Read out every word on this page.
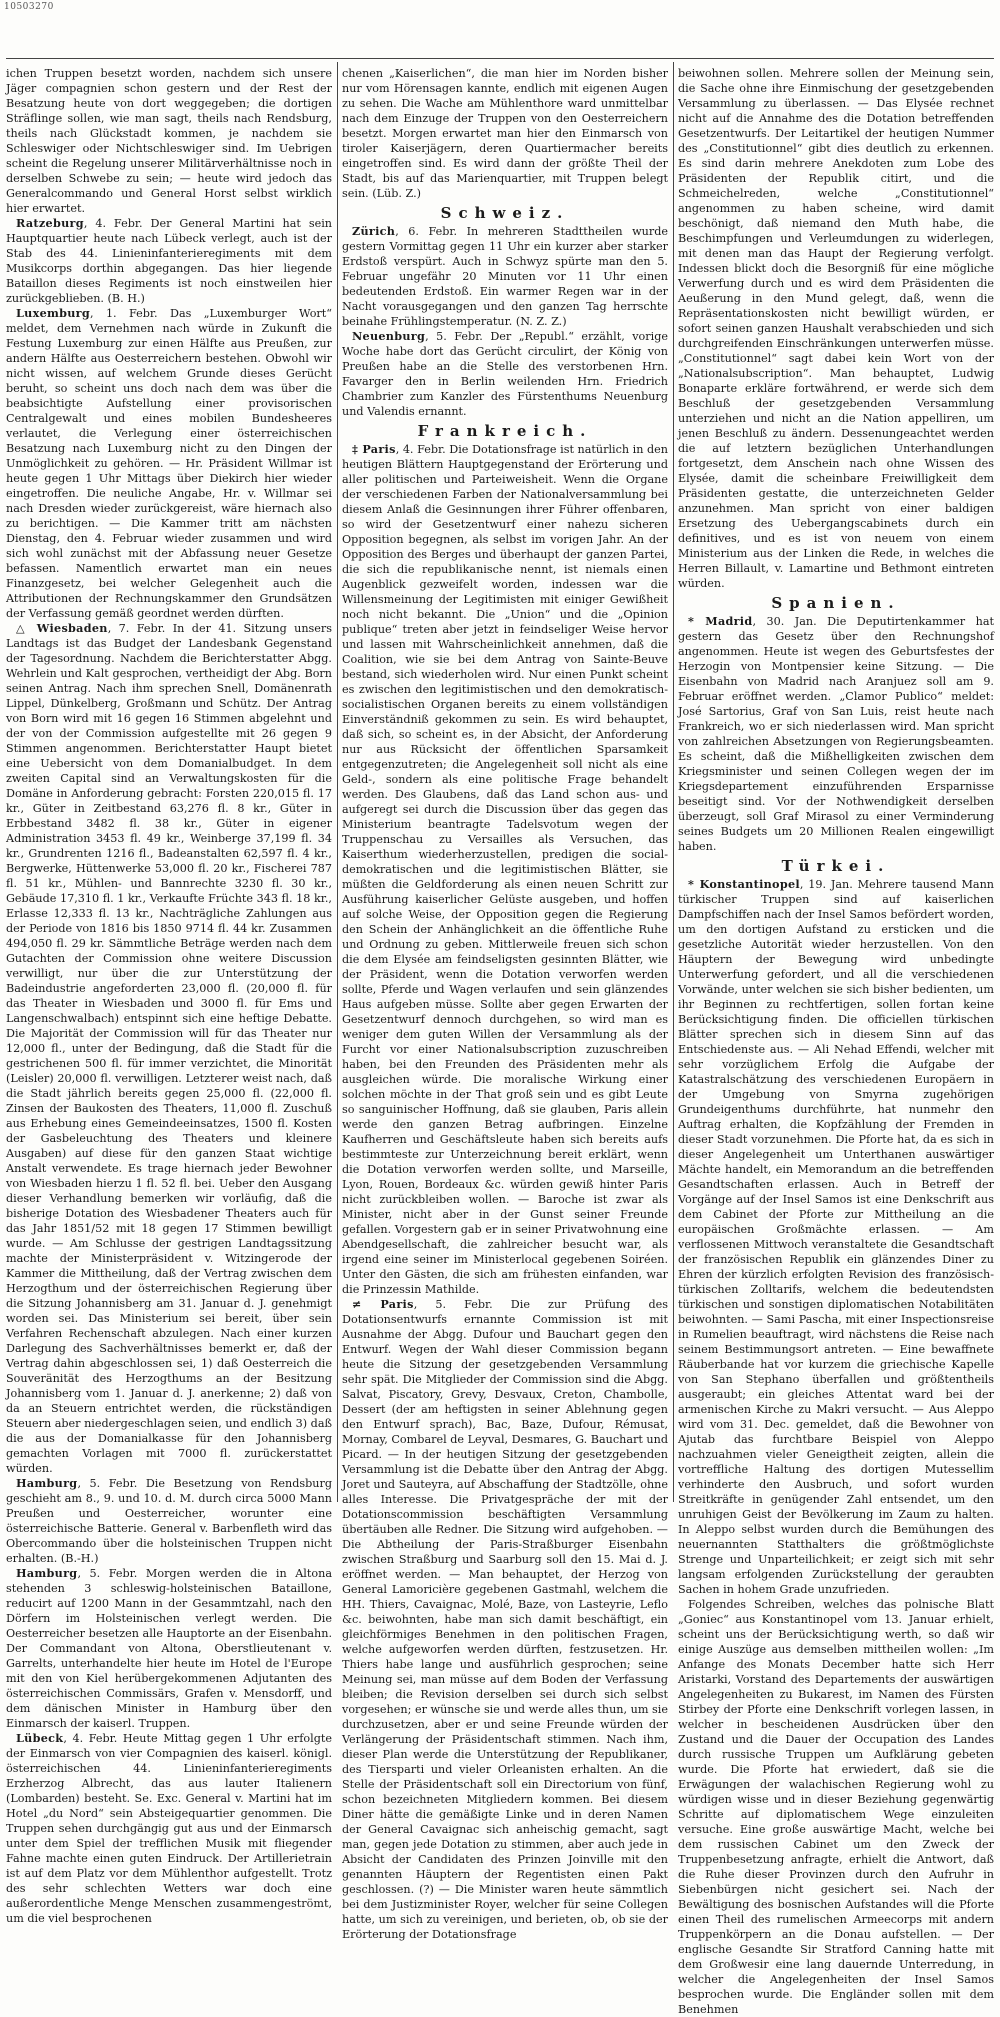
10503270

ichen Truppen besetzt worden, nachdem sich unsere Jäger compagnien schon gestern und der Rest der Besatzung heute von dort weggegeben; die dortigen Sträflinge sollen, wie man sagt, theils nach Rendsburg, theils nach Glückstadt kommen, je nachdem sie Schleswiger oder Nichtschleswiger sind. Im Uebrigen scheint die Regelung unserer Militärverhältnisse noch in derselben Schwebe zu sein; — heute wird jedoch das Generalcommando und General Horst selbst wirklich hier erwartet.

Ratzeburg, 4. Febr. Der General Martini hat sein Hauptquartier heute nach Lübeck verlegt, auch ist der Stab des 44. Linieninfanterieregiments mit dem Musikcorps dorthin abgegangen. Das hier liegende Bataillon dieses Regiments ist noch einstweilen hier zurückgeblieben. (B. H.)

Luxemburg, 1. Febr. Das „Luxemburger Wort“ meldet, dem Vernehmen nach würde in Zukunft die Festung Luxemburg zur einen Hälfte aus Preußen, zur andern Hälfte aus Oesterreichern bestehen. Obwohl wir nicht wissen, auf welchem Grunde dieses Gerücht beruht, so scheint uns doch nach dem was über die beabsichtigte Aufstellung einer provisorischen Centralgewalt und eines mobilen Bundesheeres verlautet, die Verlegung einer österreichischen Besatzung nach Luxemburg nicht zu den Dingen der Unmöglichkeit zu gehören. — Hr. Präsident Willmar ist heute gegen 1 Uhr Mittags über Diekirch hier wieder eingetroffen. Die neuliche Angabe, Hr. v. Willmar sei nach Dresden wieder zurückgereist, wäre hiernach also zu berichtigen. — Die Kammer tritt am nächsten Dienstag, den 4. Februar wieder zusammen und wird sich wohl zunächst mit der Abfassung neuer Gesetze befassen. Namentlich erwartet man ein neues Finanzgesetz, bei welcher Gelegenheit auch die Attributionen der Rechnungskammer den Grundsätzen der Verfassung gemäß geordnet werden dürften.

△ Wiesbaden, 7. Febr. In der 41. Sitzung unsers Landtags ist das Budget der Landesbank Gegenstand der Tagesordnung. Nachdem die Berichterstatter Abgg. Wehrlein und Kalt gesprochen, vertheidigt der Abg. Born seinen Antrag. Nach ihm sprechen Snell, Domänenrath Lippel, Dünkelberg, Großmann und Schütz. Der Antrag von Born wird mit 16 gegen 16 Stimmen abgelehnt und der von der Commission aufgestellte mit 26 gegen 9 Stimmen angenommen. Berichterstatter Haupt bietet eine Uebersicht von dem Domanialbudget. In dem zweiten Capital sind an Verwaltungskosten für die Domäne in Anforderung gebracht: Forsten 220,015 fl. 17 kr., Güter in Zeitbestand 63,276 fl. 8 kr., Güter in Erbbestand 3482 fl. 38 kr., Güter in eigener Administration 3453 fl. 49 kr., Weinberge 37,199 fl. 34 kr., Grundrenten 1216 fl., Badeanstalten 62,597 fl. 4 kr., Bergwerke, Hüttenwerke 53,000 fl. 20 kr., Fischerei 787 fl. 51 kr., Mühlen- und Bannrechte 3230 fl. 30 kr., Gebäude 17,310 fl. 1 kr., Verkaufte Früchte 343 fl. 18 kr., Erlasse 12,333 fl. 13 kr., Nachträgliche Zahlungen aus der Periode von 1816 bis 1850 9714 fl. 44 kr. Zusammen 494,050 fl. 29 kr. Sämmtliche Beträge werden nach dem Gutachten der Commission ohne weitere Discussion verwilligt, nur über die zur Unterstützung der Badeindustrie angeforderten 23,000 fl. (20,000 fl. für das Theater in Wiesbaden und 3000 fl. für Ems und Langenschwalbach) entspinnt sich eine heftige Debatte. Die Majorität der Commission will für das Theater nur 12,000 fl., unter der Bedingung, daß die Stadt für die gestrichenen 500 fl. für immer verzichtet, die Minorität (Leisler) 20,000 fl. verwilligen. Letzterer weist nach, daß die Stadt jährlich bereits gegen 25,000 fl. (22,000 fl. Zinsen der Baukosten des Theaters, 11,000 fl. Zuschuß aus Erhebung eines Gemeindeeinsatzes, 1500 fl. Kosten der Gasbeleuchtung des Theaters und kleinere Ausgaben) auf diese für den ganzen Staat wichtige Anstalt verwendete. Es trage hiernach jeder Bewohner von Wiesbaden hierzu 1 fl. 52 fl. bei. Ueber den Ausgang dieser Verhandlung bemerken wir vorläufig, daß die bisherige Dotation des Wiesbadener Theaters auch für das Jahr 1851/52 mit 18 gegen 17 Stimmen bewilligt wurde. — Am Schlusse der gestrigen Landtagssitzung machte der Ministerpräsident v. Witzingerode der Kammer die Mittheilung, daß der Vertrag zwischen dem Herzogthum und der österreichischen Regierung über die Sitzung Johannisberg am 31. Januar d. J. genehmigt worden sei. Das Ministerium sei bereit, über sein Verfahren Rechenschaft abzulegen. Nach einer kurzen Darlegung des Sachverhältnisses bemerkt er, daß der Vertrag dahin abgeschlossen sei, 1) daß Oesterreich die Souveränität des Herzogthums an der Besitzung Johannisberg vom 1. Januar d. J. anerkenne; 2) daß von da an Steuern entrichtet werden, die rückständigen Steuern aber niedergeschlagen seien, und endlich 3) daß die aus der Domanialkasse für den Johannisberg gemachten Vorlagen mit 7000 fl. zurückerstattet würden.

Hamburg, 5. Febr. Die Besetzung von Rendsburg geschieht am 8., 9. und 10. d. M. durch circa 5000 Mann Preußen und Oesterreicher, worunter eine österreichische Batterie. General v. Barbenfleth wird das Obercommando über die holsteinischen Truppen nicht erhalten. (B.-H.)

Hamburg, 5. Febr. Morgen werden die in Altona stehenden 3 schleswig-holsteinischen Bataillone, reducirt auf 1200 Mann in der Gesammtzahl, nach den Dörfern im Holsteinischen verlegt werden. Die Oesterreicher besetzen alle Hauptorte an der Eisenbahn. Der Commandant von Altona, Oberstlieutenant v. Garrelts, unterhandelte hier heute im Hotel de l'Europe mit den von Kiel herübergekommenen Adjutanten des österreichischen Commissärs, Grafen v. Mensdorff, und dem dänischen Minister in Hamburg über den Einmarsch der kaiserl. Truppen.

Lübeck, 4. Febr. Heute Mittag gegen 1 Uhr erfolgte der Einmarsch von vier Compagnien des kaiserl. königl. österreichischen 44. Linieninfanterieregiments Erzherzog Albrecht, das aus lauter Italienern (Lombarden) besteht. Se. Exc. General v. Martini hat im Hotel „du Nord“ sein Absteigequartier genommen. Die Truppen sehen durchgängig gut aus und der Einmarsch unter dem Spiel der trefflichen Musik mit fliegender Fahne machte einen guten Eindruck. Der Artillerietrain ist auf dem Platz vor dem Mühlenthor aufgestellt. Trotz des sehr schlechten Wetters war doch eine außerordentliche Menge Menschen zusammengeströmt, um die viel besprochenen

chenen „Kaiserlichen“, die man hier im Norden bisher nur vom Hörensagen kannte, endlich mit eigenen Augen zu sehen. Die Wache am Mühlenthore ward unmittelbar nach dem Einzuge der Truppen von den Oesterreichern besetzt. Morgen erwartet man hier den Einmarsch von tiroler Kaiserjägern, deren Quartiermacher bereits eingetroffen sind. Es wird dann der größte Theil der Stadt, bis auf das Marienquartier, mit Truppen belegt sein. (Lüb. Z.)

Schweiz.

Zürich, 6. Febr. In mehreren Stadttheilen wurde gestern Vormittag gegen 11 Uhr ein kurzer aber starker Erdstoß verspürt. Auch in Schwyz spürte man den 5. Februar ungefähr 20 Minuten vor 11 Uhr einen bedeutenden Erdstoß. Ein warmer Regen war in der Nacht vorausgegangen und den ganzen Tag herrschte beinahe Frühlingstemperatur. (N. Z. Z.)

Neuenburg, 5. Febr. Der „Republ.“ erzählt, vorige Woche habe dort das Gerücht circulirt, der König von Preußen habe an die Stelle des verstorbenen Hrn. Favarger den in Berlin weilenden Hrn. Friedrich Chambrier zum Kanzler des Fürstenthums Neuenburg und Valendis ernannt.

Frankreich.

‡ Paris, 4. Febr. Die Dotationsfrage ist natürlich in den heutigen Blättern Hauptgegenstand der Erörterung und aller politischen und Parteiweisheit. Wenn die Organe der verschiedenen Farben der Nationalversammlung bei diesem Anlaß die Gesinnungen ihrer Führer offenbaren, so wird der Gesetzentwurf einer nahezu sicheren Opposition begegnen, als selbst im vorigen Jahr. An der Opposition des Berges und überhaupt der ganzen Partei, die sich die republikanische nennt, ist niemals einen Augenblick gezweifelt worden, indessen war die Willensmeinung der Legitimisten mit einiger Gewißheit noch nicht bekannt. Die „Union“ und die „Opinion publique“ treten aber jetzt in feindseliger Weise hervor und lassen mit Wahrscheinlichkeit annehmen, daß die Coalition, wie sie bei dem Antrag von Sainte-Beuve bestand, sich wiederholen wird. Nur einen Punkt scheint es zwischen den legitimistischen und den demokratisch-socialistischen Organen bereits zu einem vollständigen Einverständniß gekommen zu sein. Es wird behauptet, daß sich, so scheint es, in der Absicht, der Anforderung nur aus Rücksicht der öffentlichen Sparsamkeit entgegenzutreten; die Angelegenheit soll nicht als eine Geld-, sondern als eine politische Frage behandelt werden. Des Glaubens, daß das Land schon aus- und aufgeregt sei durch die Discussion über das gegen das Ministerium beantragte Tadelsvotum wegen der Truppenschau zu Versailles als Versuchen, das Kaiserthum wiederherzustellen, predigen die social-demokratischen und die legitimistischen Blätter, sie müßten die Geldforderung als einen neuen Schritt zur Ausführung kaiserlicher Gelüste ausgeben, und hoffen auf solche Weise, der Opposition gegen die Regierung den Schein der Anhänglichkeit an die öffentliche Ruhe und Ordnung zu geben. Mittlerweile freuen sich schon die dem Elysée am feindseligsten gesinnten Blätter, wie der Präsident, wenn die Dotation verworfen werden sollte, Pferde und Wagen verlaufen und sein glänzendes Haus aufgeben müsse. Sollte aber gegen Erwarten der Gesetzentwurf dennoch durchgehen, so wird man es weniger dem guten Willen der Versammlung als der Furcht vor einer Nationalsubscription zuzuschreiben haben, bei den Freunden des Präsidenten mehr als ausgleichen würde. Die moralische Wirkung einer solchen möchte in der That groß sein und es gibt Leute so sanguinischer Hoffnung, daß sie glauben, Paris allein werde den ganzen Betrag aufbringen. Einzelne Kaufherren und Geschäftsleute haben sich bereits aufs bestimmteste zur Unterzeichnung bereit erklärt, wenn die Dotation verworfen werden sollte, und Marseille, Lyon, Rouen, Bordeaux &c. würden gewiß hinter Paris nicht zurückbleiben wollen. — Baroche ist zwar als Minister, nicht aber in der Gunst seiner Freunde gefallen. Vorgestern gab er in seiner Privatwohnung eine Abendgesellschaft, die zahlreicher besucht war, als irgend eine seiner im Ministerlocal gegebenen Soiréen. Unter den Gästen, die sich am frühesten einfanden, war die Prinzessin Mathilde.

≠ Paris, 5. Febr. Die zur Prüfung des Dotationsentwurfs ernannte Commission ist mit Ausnahme der Abgg. Dufour und Bauchart gegen den Entwurf. Wegen der Wahl dieser Commission begann heute die Sitzung der gesetzgebenden Versammlung sehr spät. Die Mitglieder der Commission sind die Abgg. Salvat, Piscatory, Grevy, Desvaux, Creton, Chambolle, Dessert (der am heftigsten in seiner Ablehnung gegen den Entwurf sprach), Bac, Baze, Dufour, Rémusat, Mornay, Combarel de Leyval, Desmares, G. Bauchart und Picard. — In der heutigen Sitzung der gesetzgebenden Versammlung ist die Debatte über den Antrag der Abgg. Joret und Sauteyra, auf Abschaffung der Stadtzölle, ohne alles Interesse. Die Privatgespräche der mit der Dotationscommission beschäftigten Versammlung übertäuben alle Redner. Die Sitzung wird aufgehoben. — Die Abtheilung der Paris-Straßburger Eisenbahn zwischen Straßburg und Saarburg soll den 15. Mai d. J. eröffnet werden. — Man behauptet, der Herzog von General Lamoricière gegebenen Gastmahl, welchem die HH. Thiers, Cavaignac, Molé, Baze, von Lasteyrie, Leflo &c. beiwohnten, habe man sich damit beschäftigt, ein gleichförmiges Benehmen in den politischen Fragen, welche aufgeworfen werden dürften, festzusetzen. Hr. Thiers habe lange und ausführlich gesprochen; seine Meinung sei, man müsse auf dem Boden der Verfassung bleiben; die Revision derselben sei durch sich selbst vorgesehen; er wünsche sie und werde alles thun, um sie durchzusetzen, aber er und seine Freunde würden der Verlängerung der Präsidentschaft stimmen. Nach ihm, dieser Plan werde die Unterstützung der Republikaner, des Tiersparti und vieler Orleanisten erhalten. An die Stelle der Präsidentschaft soll ein Directorium von fünf, schon bezeichneten Mitgliedern kommen. Bei diesem Diner hätte die gemäßigte Linke und in deren Namen der General Cavaignac sich anheischig gemacht, sagt man, gegen jede Dotation zu stimmen, aber auch jede in Absicht der Candidaten des Prinzen Joinville mit den genannten Häuptern der Regentisten einen Pakt geschlossen. (?) — Die Minister waren heute sämmtlich bei dem Justizminister Royer, welcher für seine Collegen hatte, um sich zu vereinigen, und berieten, ob, ob sie der Erörterung der Dotationsfrage

beiwohnen sollen. Mehrere sollen der Meinung sein, die Sache ohne ihre Einmischung der gesetzgebenden Versammlung zu überlassen. — Das Elysée rechnet nicht auf die Annahme des die Dotation betreffenden Gesetzentwurfs. Der Leitartikel der heutigen Nummer des „Constitutionnel“ gibt dies deutlich zu erkennen. Es sind darin mehrere Anekdoten zum Lobe des Präsidenten der Republik citirt, und die Schmeichelreden, welche „Constitutionnel“ angenommen zu haben scheine, wird damit beschönigt, daß niemand den Muth habe, die Beschimpfungen und Verleumdungen zu widerlegen, mit denen man das Haupt der Regierung verfolgt. Indessen blickt doch die Besorgniß für eine mögliche Verwerfung durch und es wird dem Präsidenten die Aeußerung in den Mund gelegt, daß, wenn die Repräsentationskosten nicht bewilligt würden, er sofort seinen ganzen Haushalt verabschieden und sich durchgreifenden Einschränkungen unterwerfen müsse. „Constitutionnel“ sagt dabei kein Wort von der „Nationalsubscription“. Man behauptet, Ludwig Bonaparte erkläre fortwährend, er werde sich dem Beschluß der gesetzgebenden Versammlung unterziehen und nicht an die Nation appelliren, um jenen Beschluß zu ändern. Dessenungeachtet werden die auf letztern bezüglichen Unterhandlungen fortgesetzt, dem Anschein nach ohne Wissen des Elysée, damit die scheinbare Freiwilligkeit dem Präsidenten gestatte, die unterzeichneten Gelder anzunehmen. Man spricht von einer baldigen Ersetzung des Uebergangscabinets durch ein definitives, und es ist von neuem von einem Ministerium aus der Linken die Rede, in welches die Herren Billault, v. Lamartine und Bethmont eintreten würden.

Spanien.

* Madrid, 30. Jan. Die Deputirtenkammer hat gestern das Gesetz über den Rechnungshof angenommen. Heute ist wegen des Geburtsfestes der Herzogin von Montpensier keine Sitzung. — Die Eisenbahn von Madrid nach Aranjuez soll am 9. Februar eröffnet werden. „Clamor Publico“ meldet: José Sartorius, Graf von San Luis, reist heute nach Frankreich, wo er sich niederlassen wird. Man spricht von zahlreichen Absetzungen von Regierungsbeamten. Es scheint, daß die Mißhelligkeiten zwischen dem Kriegsminister und seinen Collegen wegen der im Kriegsdepartement einzuführenden Ersparnisse beseitigt sind. Vor der Nothwendigkeit derselben überzeugt, soll Graf Mirasol zu einer Verminderung seines Budgets um 20 Millionen Realen eingewilligt haben.

Türkei.

* Konstantinopel, 19. Jan. Mehrere tausend Mann türkischer Truppen sind auf kaiserlichen Dampfschiffen nach der Insel Samos befördert worden, um den dortigen Aufstand zu ersticken und die gesetzliche Autorität wieder herzustellen. Von den Häuptern der Bewegung wird unbedingte Unterwerfung gefordert, und all die verschiedenen Vorwände, unter welchen sie sich bisher bedienten, um ihr Beginnen zu rechtfertigen, sollen fortan keine Berücksichtigung finden. Die officiellen türkischen Blätter sprechen sich in diesem Sinn auf das Entschiedenste aus. — Ali Nehad Effendi, welcher mit sehr vorzüglichem Erfolg die Aufgabe der Katastralschätzung des verschiedenen Europäern in der Umgebung von Smyrna zugehörigen Grundeigenthums durchführte, hat nunmehr den Auftrag erhalten, die Kopfzählung der Fremden in dieser Stadt vorzunehmen. Die Pforte hat, da es sich in dieser Angelegenheit um Unterthanen auswärtiger Mächte handelt, ein Memorandum an die betreffenden Gesandtschaften erlassen. Auch in Betreff der Vorgänge auf der Insel Samos ist eine Denkschrift aus dem Cabinet der Pforte zur Mittheilung an die europäischen Großmächte erlassen. — Am verflossenen Mittwoch veranstaltete die Gesandtschaft der französischen Republik ein glänzendes Diner zu Ehren der kürzlich erfolgten Revision des französisch-türkischen Zolltarifs, welchem die bedeutendsten türkischen und sonstigen diplomatischen Notabilitäten beiwohnten. — Sami Pascha, mit einer Inspectionsreise in Rumelien beauftragt, wird nächstens die Reise nach seinem Bestimmungsort antreten. — Eine bewaffnete Räuberbande hat vor kurzem die griechische Kapelle von San Stephano überfallen und größtentheils ausgeraubt; ein gleiches Attentat ward bei der armenischen Kirche zu Makri versucht. — Aus Aleppo wird vom 31. Dec. gemeldet, daß die Bewohner von Ajutab das furchtbare Beispiel von Aleppo nachzuahmen vieler Geneigtheit zeigten, allein die vortreffliche Haltung des dortigen Mutessellim verhinderte den Ausbruch, und sofort wurden Streitkräfte in genügender Zahl entsendet, um den unruhigen Geist der Bevölkerung im Zaum zu halten. In Aleppo selbst wurden durch die Bemühungen des neuernannten Statthalters die größtmöglichste Strenge und Unparteilichkeit; er zeigt sich mit sehr langsam erfolgenden Zurückstellung der geraubten Sachen in hohem Grade unzufrieden.

Folgendes Schreiben, welches das polnische Blatt „Goniec“ aus Konstantinopel vom 13. Januar erhielt, scheint uns der Berücksichtigung werth, so daß wir einige Auszüge aus demselben mittheilen wollen: „Im Anfange des Monats December hatte sich Herr Aristarki, Vorstand des Departements der auswärtigen Angelegenheiten zu Bukarest, im Namen des Fürsten Stirbey der Pforte eine Denkschrift vorlegen lassen, in welcher in bescheidenen Ausdrücken über den Zustand und die Dauer der Occupation des Landes durch russische Truppen um Aufklärung gebeten wurde. Die Pforte hat erwiedert, daß sie die Erwägungen der walachischen Regierung wohl zu würdigen wisse und in dieser Beziehung gegenwärtig Schritte auf diplomatischem Wege einzuleiten versuche. Eine große auswärtige Macht, welche bei dem russischen Cabinet um den Zweck der Truppenbesetzung anfragte, erhielt die Antwort, daß die Ruhe dieser Provinzen durch den Aufruhr in Siebenbürgen nicht gesichert sei. Nach der Bewältigung des bosnischen Aufstandes will die Pforte einen Theil des rumelischen Armeecorps mit andern Truppenkörpern an die Donau aufstellen. — Der englische Gesandte Sir Stratford Canning hatte mit dem Großwesir eine lang dauernde Unterredung, in welcher die Angelegenheiten der Insel Samos besprochen wurde. Die Engländer sollen mit dem Benehmen
